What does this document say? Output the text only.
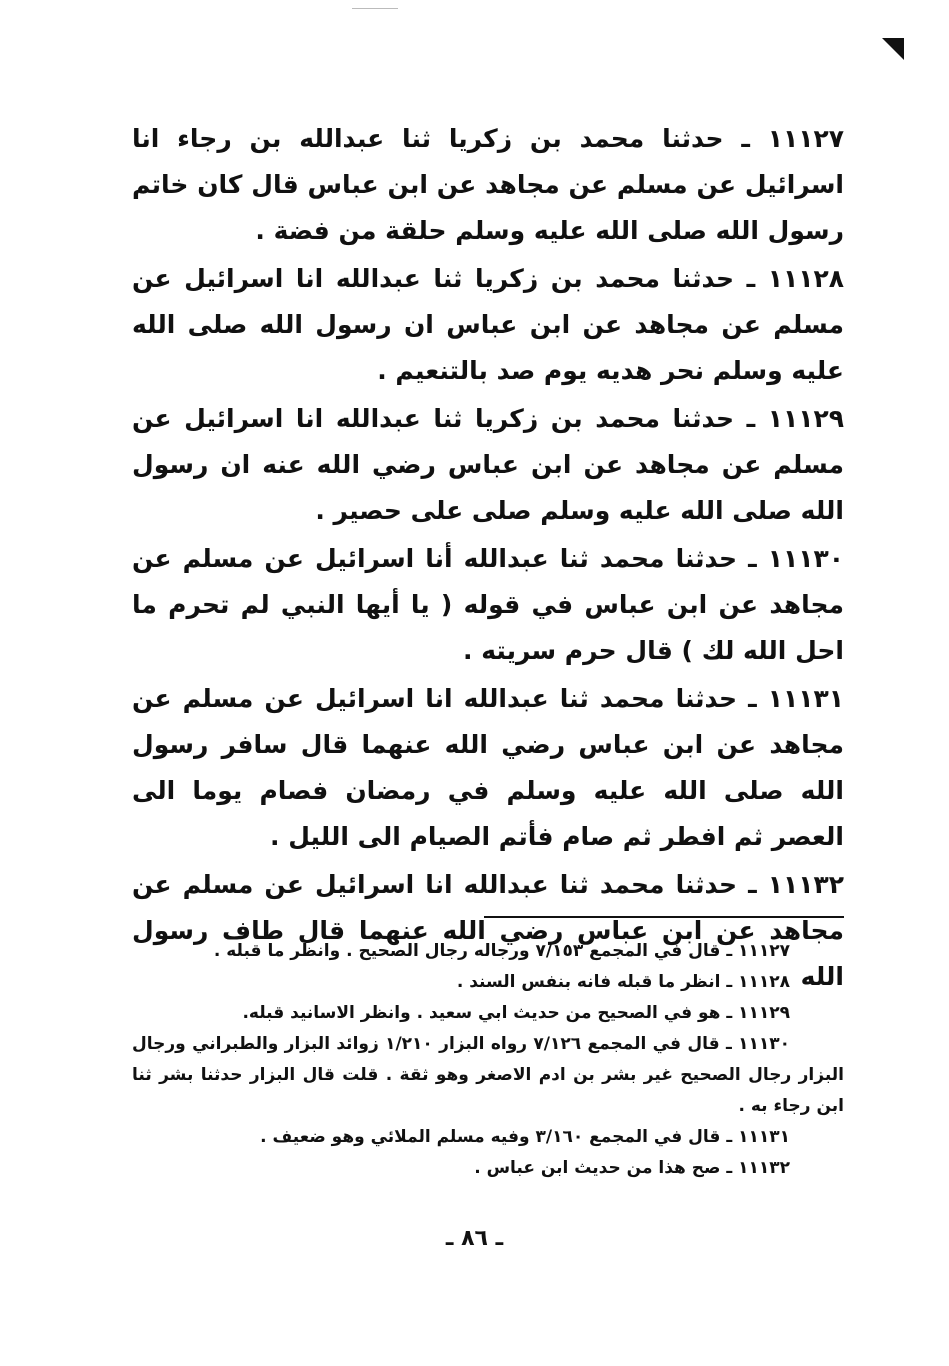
١١١٢٧ ـ حدثنا محمد بن زكريا ثنا عبدالله بن رجاء انا اسرائيل عن مسلم عن مجاهد عن ابن عباس قال كان خاتم رسول الله صلى الله عليه وسلم حلقة من فضة .

١١١٢٨ ـ حدثنا محمد بن زكريا ثنا عبدالله انا اسرائيل عن مسلم عن مجاهد عن ابن عباس ان رسول الله صلى الله عليه وسلم نحر هديه يوم صد بالتنعيم .

١١١٢٩ ـ حدثنا محمد بن زكريا ثنا عبدالله انا اسرائيل عن مسلم عن مجاهد عن ابن عباس رضي الله عنه ان رسول الله صلى الله عليه وسلم صلى على حصير .

١١١٣٠ ـ حدثنا محمد ثنا عبدالله أنا اسرائيل عن مسلم عن مجاهد عن ابن عباس في قوله ( يا أيها النبي لم تحرم ما احل الله لك ) قال حرم سريته .

١١١٣١ ـ حدثنا محمد ثنا عبدالله انا اسرائيل عن مسلم عن مجاهد عن ابن عباس رضي الله عنهما قال سافر رسول الله صلى الله عليه وسلم في رمضان فصام يوما الى العصر ثم افطر ثم صام فأتم الصيام الى الليل .

١١١٣٢ ـ حدثنا محمد ثنا عبدالله انا اسرائيل عن مسلم عن مجاهد عن ابن عباس رضي الله عنهما قال طاف رسول الله

١١١٢٧ ـ قال في المجمع ٧/١٥٣ ورجاله رجال الصحيح . وانظر ما قبله .

١١١٢٨ ـ انظر ما قبله فانه بنفس السند .

١١١٢٩ ـ هو في الصحيح من حديث ابي سعيد . وانظر الاسانيد قبله.

١١١٣٠ ـ قال في المجمع ٧/١٢٦ رواه البزار ١/٢١٠ زوائد البزار والطبراني ورجال البزار رجال الصحيح غير بشر بن ادم الاصغر وهو ثقة . قلت قال البزار حدثنا بشر ثنا ابن رجاء به .

١١١٣١ ـ قال في المجمع ٣/١٦٠ وفيه مسلم الملائي وهو ضعيف .

١١١٣٢ ـ صح هذا من حديث ابن عباس .

ـ ٨٦ ـ
